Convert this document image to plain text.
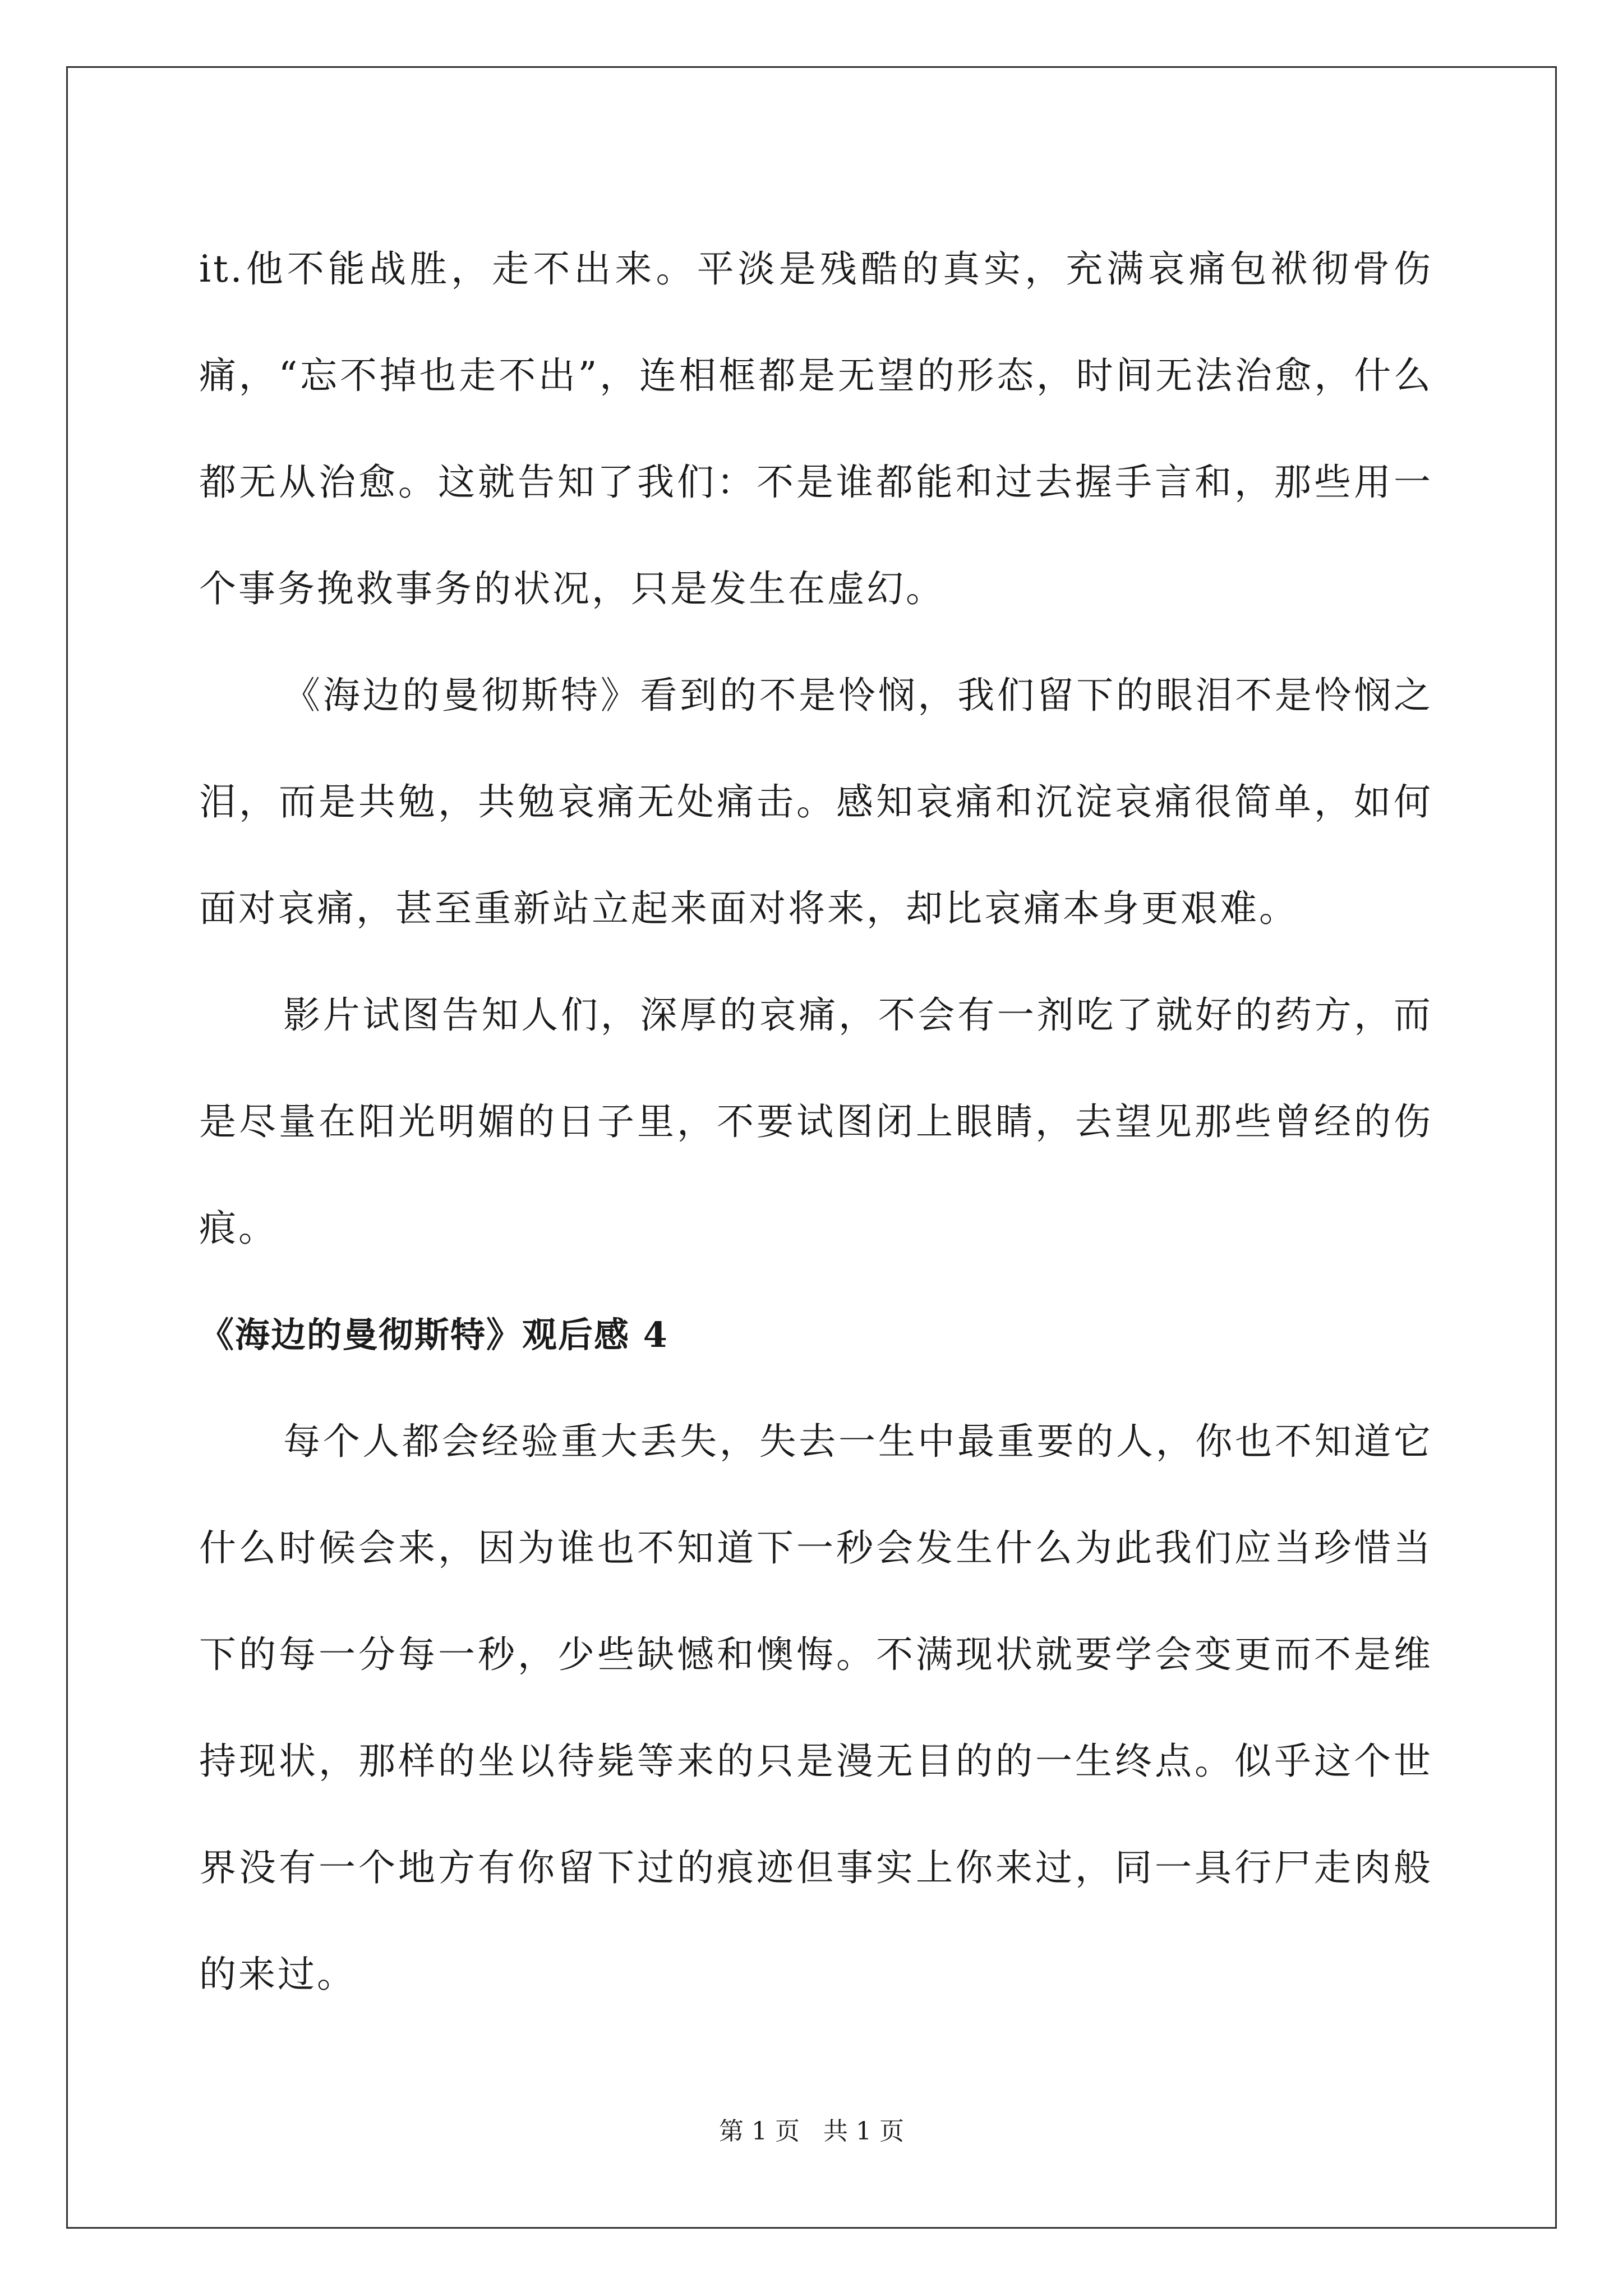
it.他不能战胜，走不出来。平淡是残酷的真实，充满哀痛包袱彻骨伤痛，“忘不掉也走不出”，连相框都是无望的形态，时间无法治愈，什么都无从治愈。这就告知了我们：不是谁都能和过去握手言和，那些用一个事务挽救事务的状况，只是发生在虚幻。

《海边的曼彻斯特》看到的不是怜悯，我们留下的眼泪不是怜悯之泪，而是共勉，共勉哀痛无处痛击。感知哀痛和沉淀哀痛很简单，如何面对哀痛，甚至重新站立起来面对将来，却比哀痛本身更艰难。

影片试图告知人们，深厚的哀痛，不会有一剂吃了就好的药方，而是尽量在阳光明媚的日子里，不要试图闭上眼睛，去望见那些曾经的伤痕。

《海边的曼彻斯特》观后感 4

每个人都会经验重大丢失，失去一生中最重要的人，你也不知道它什么时候会来，因为谁也不知道下一秒会发生什么为此我们应当珍惜当下的每一分每一秒，少些缺憾和懊悔。不满现状就要学会变更而不是维持现状，那样的坐以待毙等来的只是漫无目的的一生终点。似乎这个世界没有一个地方有你留下过的痕迹但事实上你来过，同一具行尸走肉般的来过。

第 1 页 共 1 页
